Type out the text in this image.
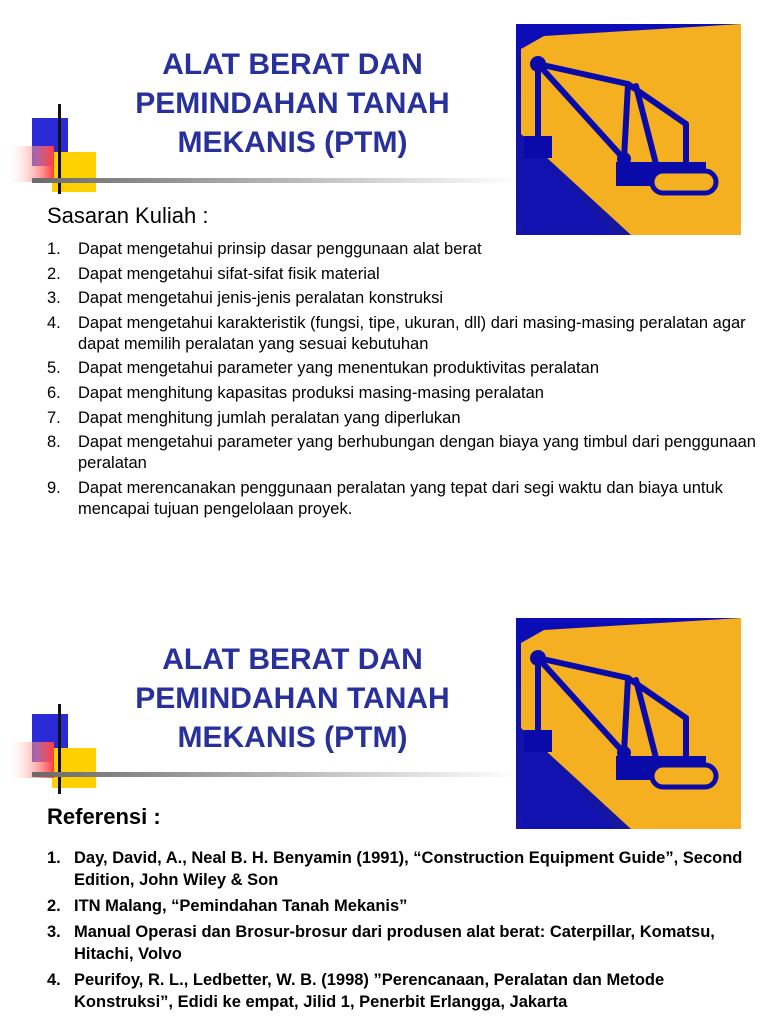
ALAT BERAT DAN
PEMINDAHAN TANAH
MEKANIS (PTM)
Sasaran Kuliah :
1. Dapat mengetahui prinsip dasar penggunaan alat berat
2. Dapat mengetahui sifat-sifat fisik material
3. Dapat mengetahui jenis-jenis peralatan konstruksi
4. Dapat mengetahui karakteristik (fungsi, tipe, ukuran, dll) dari masing-masing peralatan agar dapat memilih peralatan yang sesuai kebutuhan
5. Dapat mengetahui parameter yang menentukan produktivitas peralatan
6. Dapat menghitung kapasitas produksi masing-masing peralatan
7. Dapat menghitung jumlah peralatan yang diperlukan
8. Dapat mengetahui parameter yang berhubungan dengan biaya yang timbul dari penggunaan peralatan
9. Dapat merencanakan penggunaan peralatan yang tepat dari segi waktu dan biaya untuk mencapai tujuan pengelolaan proyek.
ALAT BERAT DAN
PEMINDAHAN TANAH
MEKANIS (PTM)
Referensi :
1. Day, David, A., Neal B. H. Benyamin (1991), “Construction Equipment Guide”, Second Edition, John Wiley & Son
2. ITN Malang, “Pemindahan Tanah Mekanis”
3. Manual Operasi dan Brosur-brosur dari produsen alat berat: Caterpillar, Komatsu, Hitachi, Volvo
4. Peurifoy, R. L., Ledbetter, W. B. (1998) ”Perencanaan, Peralatan dan Metode Konstruksi”, Edidi ke empat, Jilid 1, Penerbit Erlangga, Jakarta
